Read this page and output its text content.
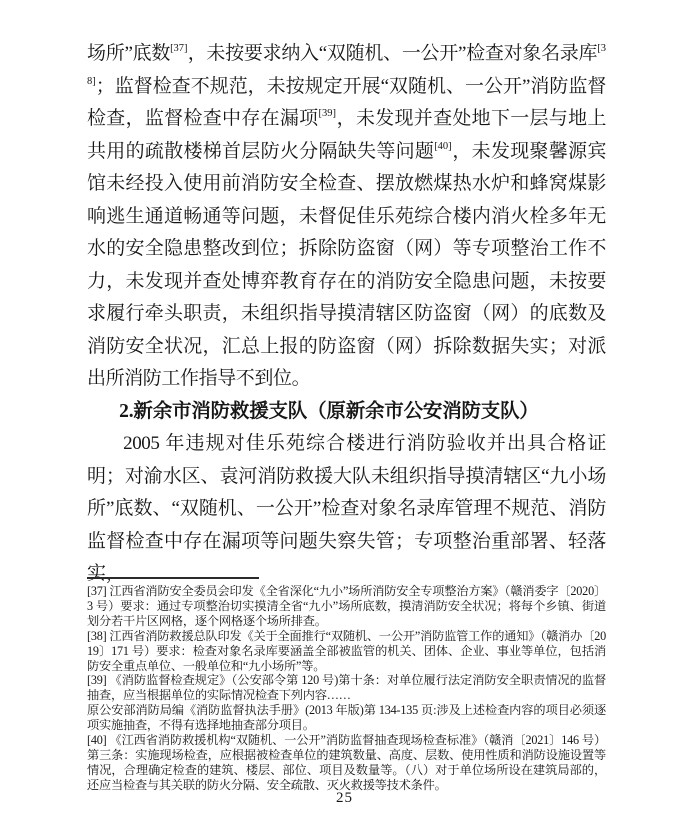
场所”底数[37]，未按要求纳入“双随机、一公开”检查对象名录库[38]；监督检查不规范，未按规定开展“双随机、一公开”消防监督检查，监督检查中存在漏项[39]，未发现并查处地下一层与地上共用的疏散楼梯首层防火分隔缺失等问题[40]，未发现聚馨源宾馆未经投入使用前消防安全检查、摆放燃煤热水炉和蜂窝煤影响逃生通道畅通等问题，未督促佳乐苑综合楼内消火栓多年无水的安全隐患整改到位；拆除防盗窗（网）等专项整治工作不力，未发现并查处博弈教育存在的消防安全隐患问题，未按要求履行牵头职责，未组织指导摸清辖区防盗窗（网）的底数及消防安全状况，汇总上报的防盗窗（网）拆除数据失实；对派出所消防工作指导不到位。

2.新余市消防救援支队（原新余市公安消防支队）

2005 年违规对佳乐苑综合楼进行消防验收并出具合格证明；对渝水区、袁河消防救援大队未组织指导摸清辖区“九小场所”底数、“双随机、一公开”检查对象名录库管理不规范、消防监督检查中存在漏项等问题失察失管；专项整治重部署、轻落实，

[37] 江西省消防安全委员会印发《全省深化“九小”场所消防安全专项整治方案》（赣消委字〔2020〕3 号）要求：通过专项整治切实摸清全省“九小”场所底数，摸清消防安全状况；将每个乡镇、街道划分若干片区网格，逐个网格逐个场所排查。

[38] 江西省消防救援总队印发《关于全面推行“双随机、一公开”消防监管工作的通知》（赣消办〔2019〕171 号）要求：检查对象名录库要涵盖全部被监管的机关、团体、企业、事业等单位，包括消防安全重点单位、一般单位和“九小场所”等。

[39] 《消防监督检查规定》（公安部令第 120 号)第十条：对单位履行法定消防安全职责情况的监督抽查，应当根据单位的实际情况检查下列内容……

原公安部消防局编《消防监督执法手册》(2013 年版)第 134-135 页:涉及上述检查内容的项目必须逐项实施抽查，不得有选择地抽查部分项目。

[40] 《江西省消防救援机构“双随机、一公开”消防监督抽查现场检查标准》（赣消〔2021〕146 号）第三条：实施现场检查，应根据被检查单位的建筑数量、高度、层数、使用性质和消防设施设置等情况，合理确定检查的建筑、楼层、部位、项目及数量等。（八）对于单位场所设在建筑局部的，还应当检查与其关联的防火分隔、安全疏散、灭火救援等技术条件。

25
